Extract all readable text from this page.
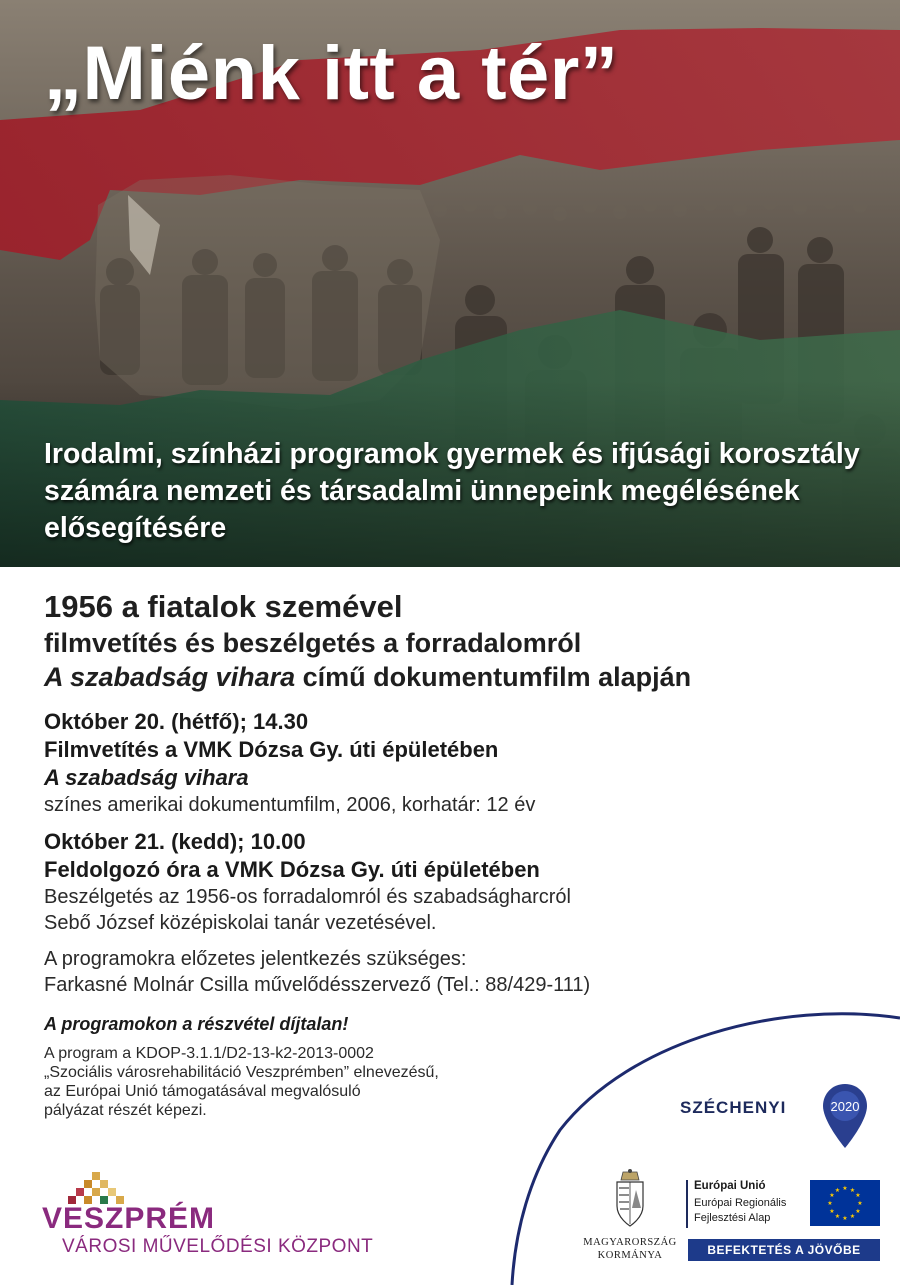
„Miénk itt a tér”
Irodalmi, színházi programok gyermek és ifjúsági korosztály számára nemzeti és társadalmi ünnepeink megélésének elősegítésére
1956 a fiatalok szemével
filmvetítés és beszélgetés a forradalomról
A szabadság vihara című dokumentumfilm alapján
Október 20. (hétfő); 14.30
Filmvetítés a VMK Dózsa Gy. úti épületében
A szabadság vihara
színes amerikai dokumentumfilm, 2006, korhatár: 12 év
Október 21. (kedd); 10.00
Feldolgozó óra a VMK Dózsa Gy. úti épületében
Beszélgetés az 1956-os forradalomról és szabadságharcról
Sebő József középiskolai tanár vezetésével.
A programokra előzetes jelentkezés szükséges:
Farkasné Molnár Csilla művelődésszervező (Tel.: 88/429-111)
A programokon a részvétel díjtalan!
A program a KDOP-3.1.1/D2-13-k2-2013-0002
„Szociális városrehabilitáció Veszprémben” elnevezésű,
az Európai Unió támogatásával megvalósuló
pályázat részét képezi.	SZÉCHENYI	2020
VESZPRÉM
VÁROSI MŰVELŐDÉSI KÖZPONT	MAGYARORSZÁG
KORMÁNYA
Európai Unió
Európai Regionális Fejlesztési Alap
★ ★
★
★
★
★
★
★
★
★
★
★
BEFEKTETÉS A JÖVŐBE
